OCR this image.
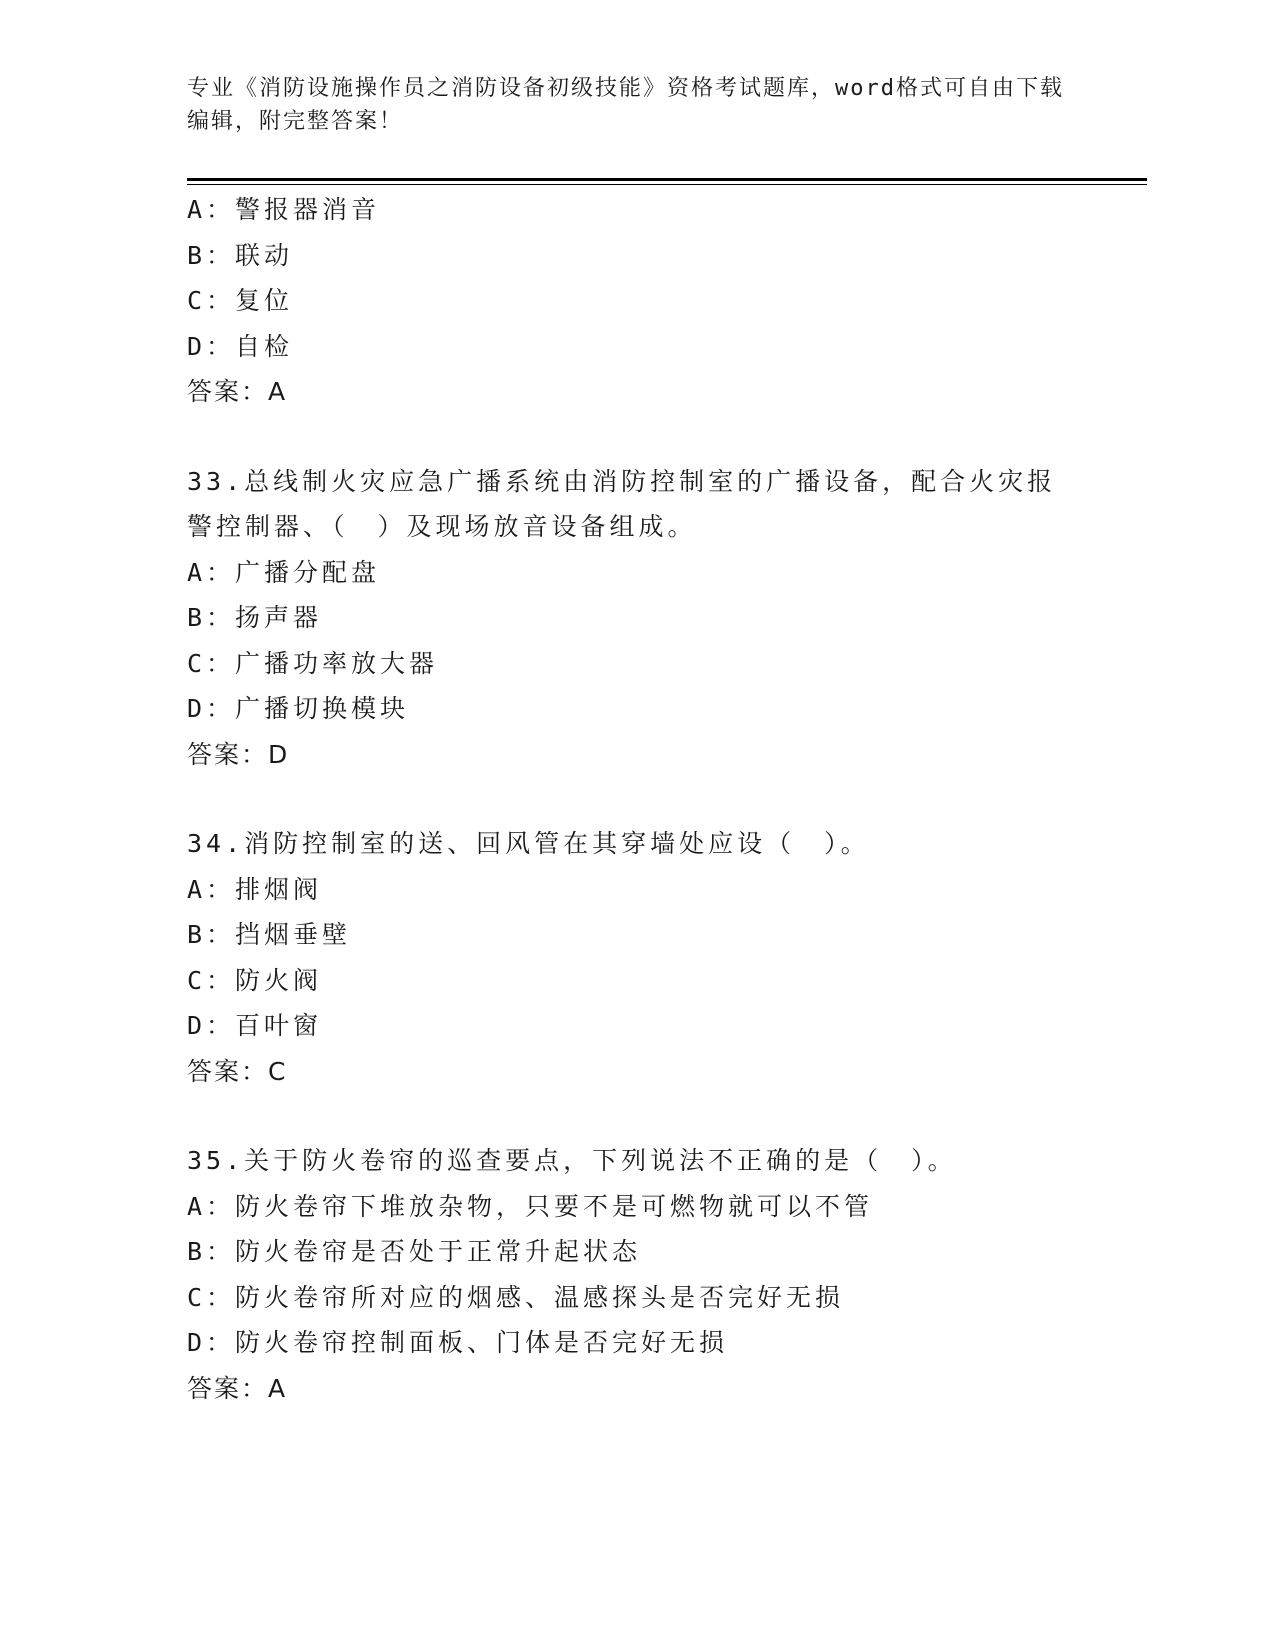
专业《消防设施操作员之消防设备初级技能》资格考试题库，word格式可自由下载编辑，附完整答案！
A：警报器消音
B：联动
C：复位
D：自检
答案：A
33.总线制火灾应急广播系统由消防控制室的广播设备，配合火灾报警控制器、（　）及现场放音设备组成。
A：广播分配盘
B：扬声器
C：广播功率放大器
D：广播切换模块
答案：D
34.消防控制室的送、回风管在其穿墙处应设（　）。
A：排烟阀
B：挡烟垂壁
C：防火阀
D：百叶窗
答案：C
35.关于防火卷帘的巡查要点，下列说法不正确的是（　）。
A：防火卷帘下堆放杂物，只要不是可燃物就可以不管
B：防火卷帘是否处于正常升起状态
C：防火卷帘所对应的烟感、温感探头是否完好无损
D：防火卷帘控制面板、门体是否完好无损
答案：A
